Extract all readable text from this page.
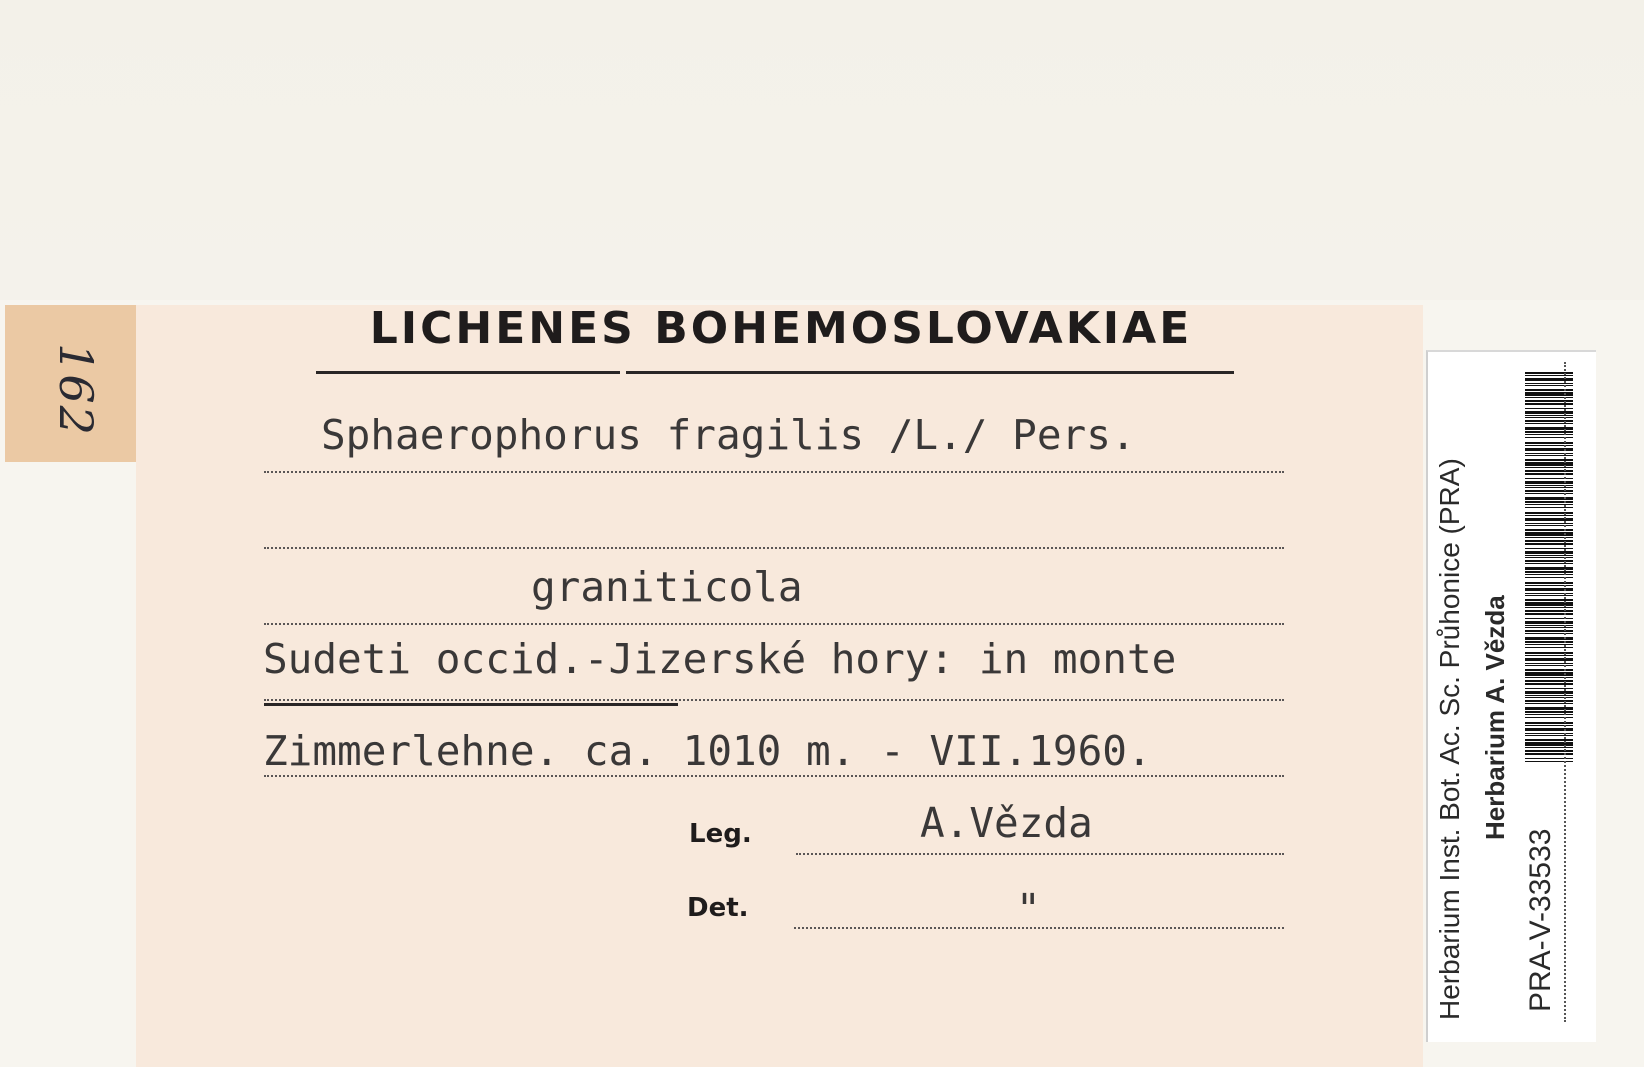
162
LICHENES BOHEMOSLOVAKIAE
Sphaerophorus fragilis /L./ Pers.
graniticola
Sudeti occid.-Jizerské hory: in monte
Zimmerlehne. ca. 1010 m. - VII.1960.
Leg.	A.Vězda
Det.	"	Herbarium Inst. Bot. Ac. Sc. Průhonice (PRA) Herbarium A. Vězda
PRA-V-33533
